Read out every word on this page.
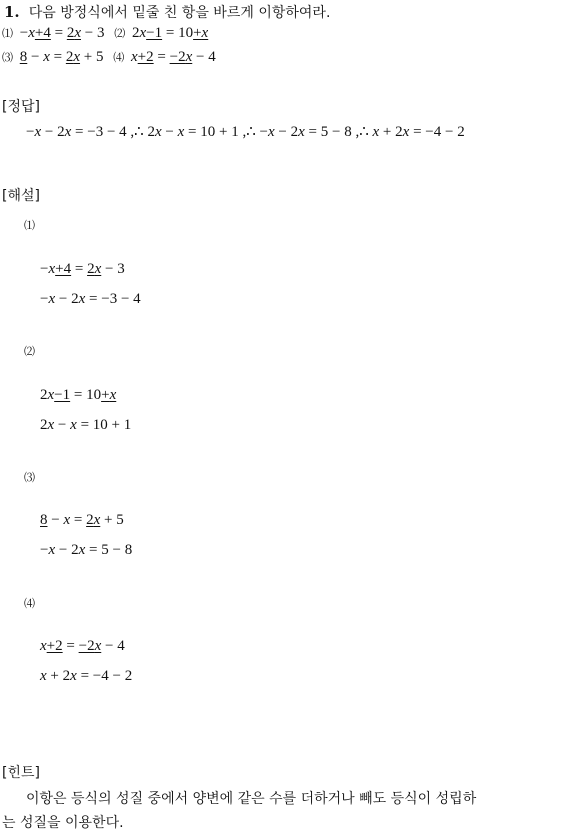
1. 다음 방정식에서 밑줄 친 항을 바르게 이항하여라.
⑴ −x+4 = 2x − 3 ⑵ 2x−1 = 10+x
⑶ 8 − x = 2x + 5 ⑷ x+2 = −2x − 4
[정답]
−x − 2x = −3 − 4 ,∴ 2x − x = 10 + 1 ,∴ −x − 2x = 5 − 8 ,∴ x + 2x = −4 − 2
[해설]
⑴
−x+4 = 2x − 3
−x − 2x = −3 − 4
⑵
2x−1 = 10+x
2x − x = 10 + 1
⑶
8 − x = 2x + 5
−x − 2x = 5 − 8
⑷
x+2 = −2x − 4
x + 2x = −4 − 2
[힌트]
이항은 등식의 성질 중에서 양변에 같은 수를 더하거나 빼도 등식이 성립하
는 성질을 이용한다.
